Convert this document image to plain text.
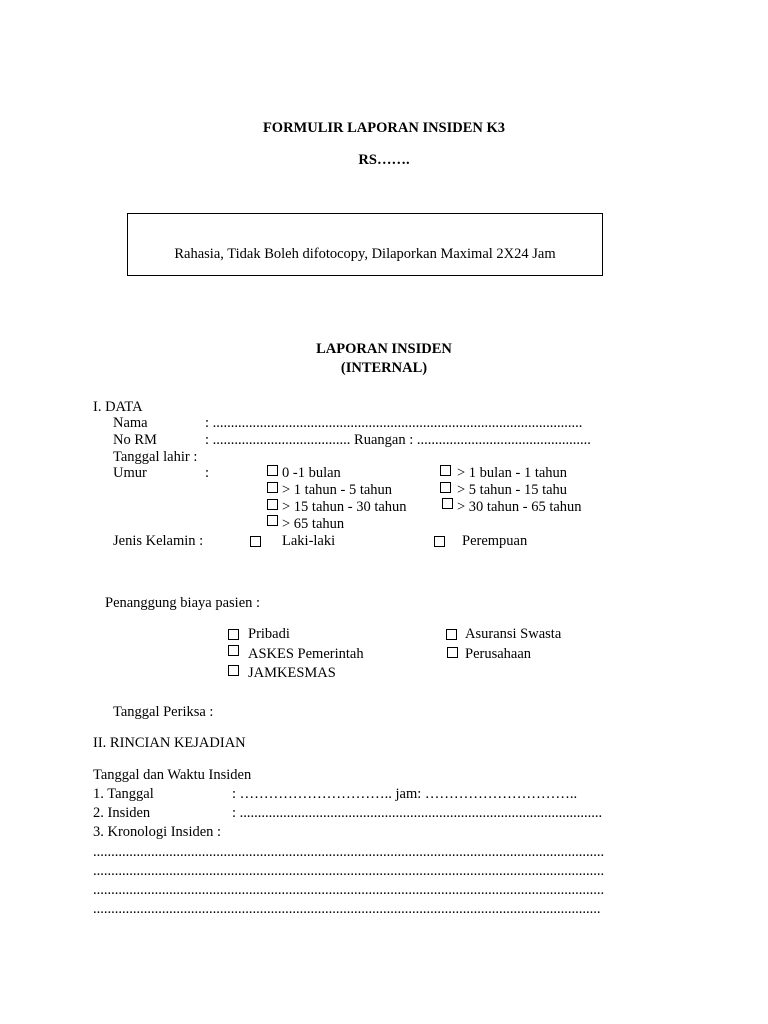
FORMULIR LAPORAN INSIDEN K3
RS…….
Rahasia, Tidak Boleh difotocopy, Dilaporkan Maximal 2X24 Jam
LAPORAN INSIDEN
(INTERNAL)
I. DATA
Nama	: ......................................................................................................
No RM	: ...................................... Ruangan : ................................................
Tanggal lahir :
Umur	:	0 -1 bulan	> 1 bulan - 1 tahun
> 1 tahun - 5 tahun	> 5 tahun - 15 tahu
> 15 tahun - 30 tahun	> 30 tahun - 65 tahun
> 65 tahun
Jenis Kelamin :	Laki-laki	Perempuan
Penanggung biaya pasien :
Pribadi	Asuransi Swasta
ASKES Pemerintah	Perusahaan
JAMKESMAS
Tanggal Periksa :
II. RINCIAN KEJADIAN
Tanggal dan Waktu Insiden
1. Tanggal	: ………………………….. jam: …………………………..
2. Insiden	: ....................................................................................................
3. Kronologi Insiden :
.............................................................................................................................................
.............................................................................................................................................
.............................................................................................................................................
............................................................................................................................................
